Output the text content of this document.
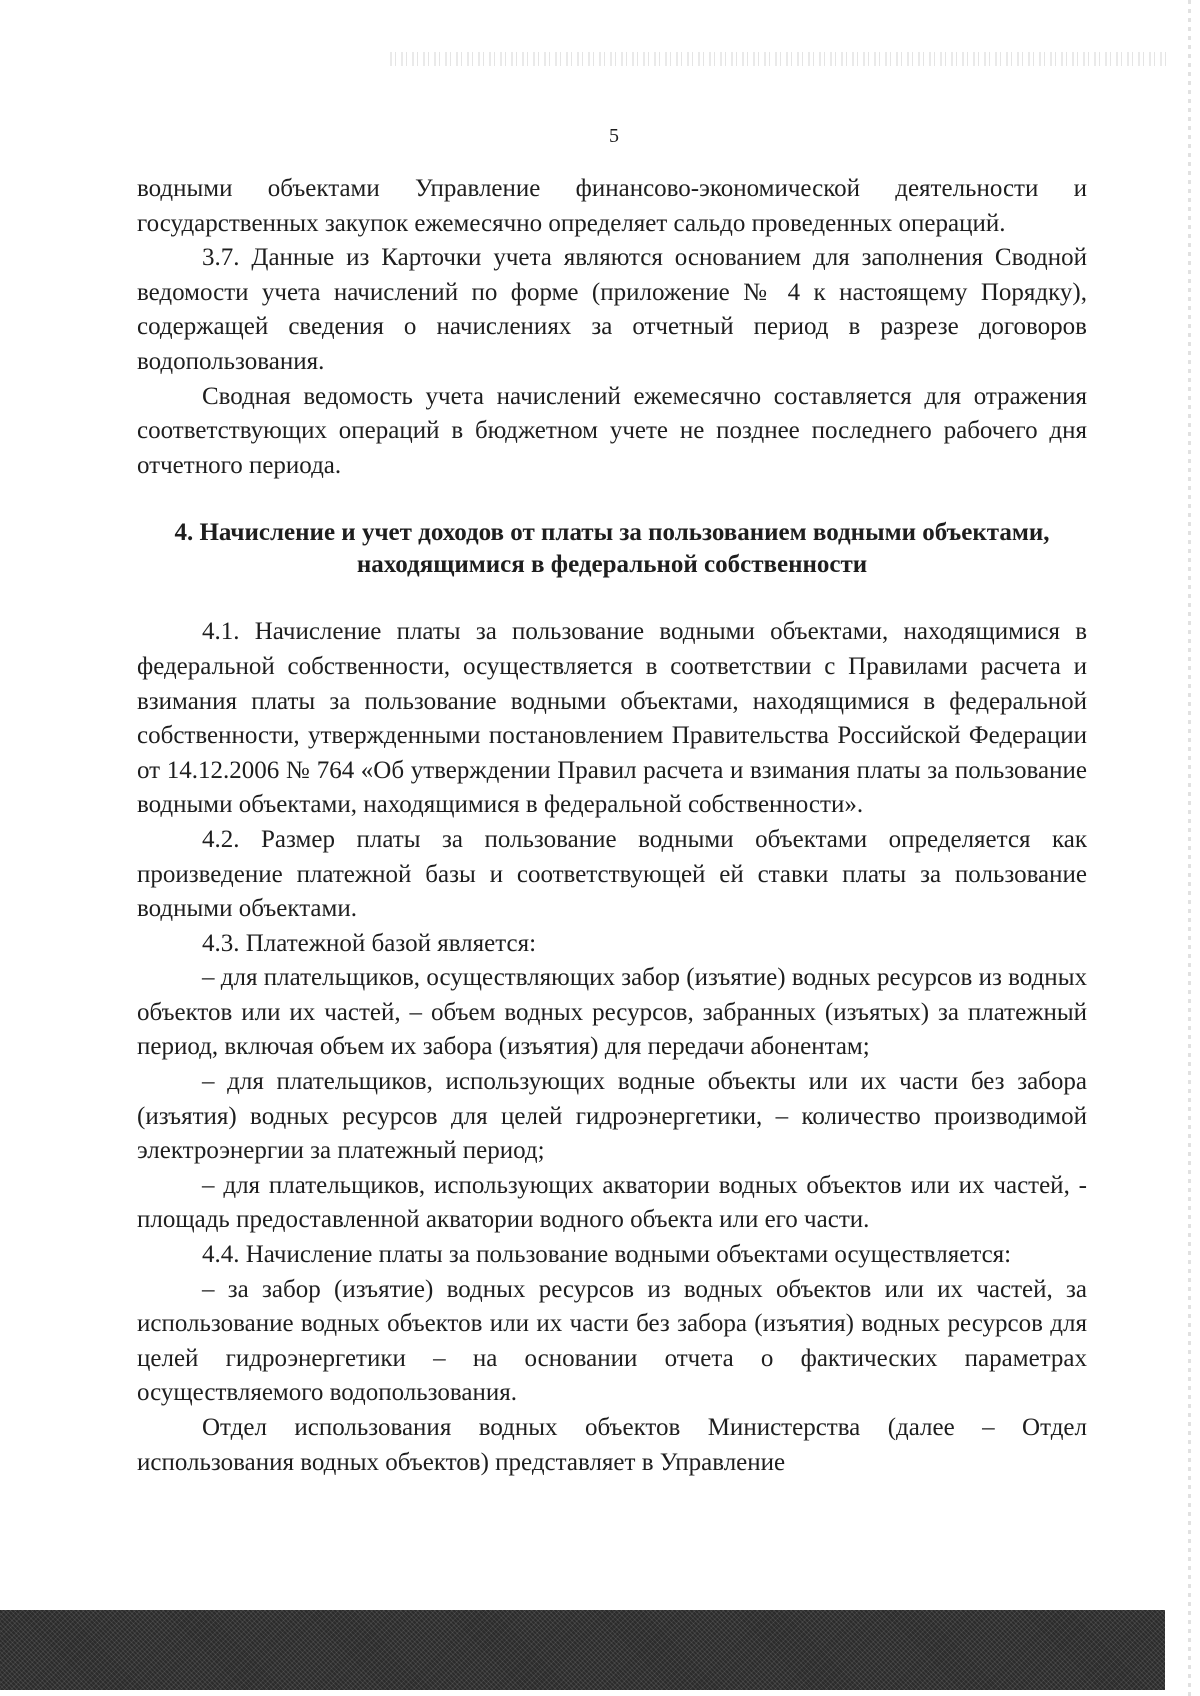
5

водными объектами Управление финансово-экономической деятельности и государственных закупок ежемесячно определяет сальдо проведенных операций.

3.7. Данные из Карточки учета являются основанием для заполнения Сводной ведомости учета начислений по форме (приложение № 4 к настоящему Порядку), содержащей сведения о начислениях за отчетный период в разрезе договоров водопользования.

Сводная ведомость учета начислений ежемесячно составляется для отражения соответствующих операций в бюджетном учете не позднее последнего рабочего дня отчетного периода.

4. Начисление и учет доходов от платы за пользованием водными объектами,
находящимися в федеральной собственности

4.1. Начисление платы за пользование водными объектами, находящимися в федеральной собственности, осуществляется в соответствии с Правилами расчета и взимания платы за пользование водными объектами, находящимися в федеральной собственности, утвержденными постановлением Правительства Российской Федерации от 14.12.2006 № 764 «Об утверждении Правил расчета и взимания платы за пользование водными объектами, находящимися в федеральной собственности».

4.2. Размер платы за пользование водными объектами определяется как произведение платежной базы и соответствующей ей ставки платы за пользование водными объектами.

4.3. Платежной базой является:

– для плательщиков, осуществляющих забор (изъятие) водных ресурсов из водных объектов или их частей, – объем водных ресурсов, забранных (изъятых) за платежный период, включая объем их забора (изъятия) для передачи абонентам;

– для плательщиков, использующих водные объекты или их части без забора (изъятия) водных ресурсов для целей гидроэнергетики, – количество производимой электроэнергии за платежный период;

– для плательщиков, использующих акватории водных объектов или их частей, - площадь предоставленной акватории водного объекта или его части.

4.4. Начисление платы за пользование водными объектами осуществляется:

– за забор (изъятие) водных ресурсов из водных объектов или их частей, за использование водных объектов или их части без забора (изъятия) водных ресурсов для целей гидроэнергетики – на основании отчета о фактических параметрах осуществляемого водопользования.

Отдел использования водных объектов Министерства (далее – Отдел использования водных объектов) представляет в Управление
